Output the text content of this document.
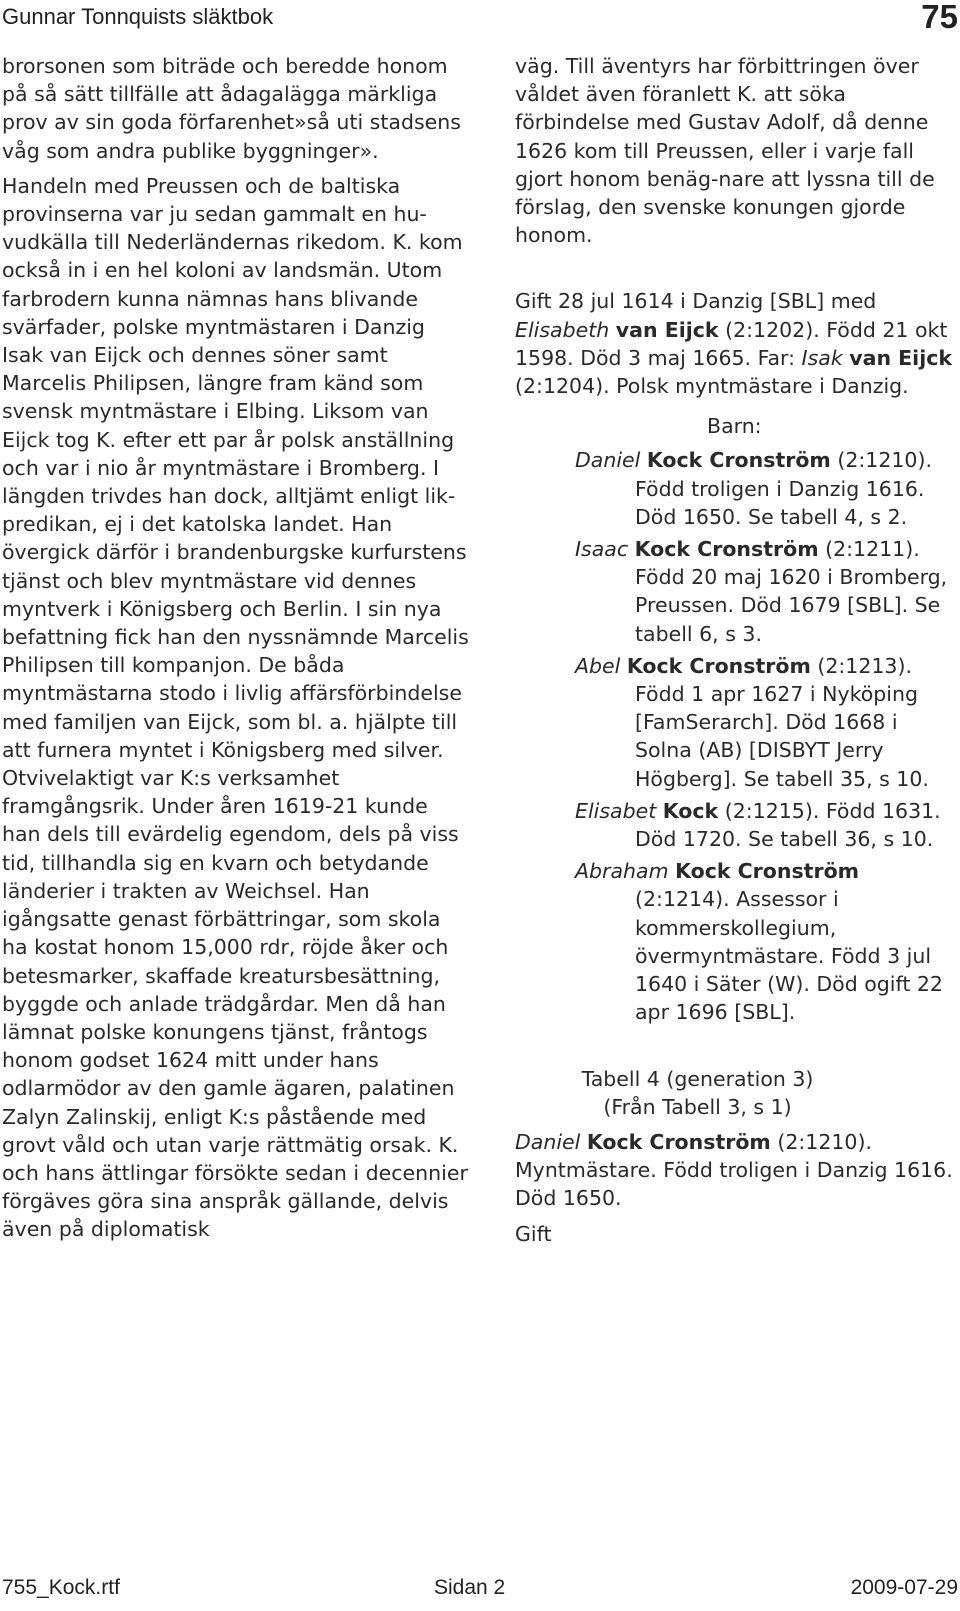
Gunnar Tonnquists släktbok	75

brorsonen som biträde och beredde honom på så sätt tillfälle att ådagalägga märkliga prov av sin goda förfarenhet»så uti stadsens våg som andra publike byggninger».

Handeln med Preussen och de baltiska provinserna var ju sedan gammalt en hu-vudkälla till Nederländernas rikedom. K. kom också in i en hel koloni av landsmän. Utom farbrodern kunna nämnas hans blivande svärfader, polske myntmästaren i Danzig Isak van Eijck och dennes söner samt Marcelis Philipsen, längre fram känd som svensk myntmästare i Elbing. Liksom van Eijck tog K. efter ett par år polsk anställning och var i nio år myntmästare i Bromberg. I längden trivdes han dock, alltjämt enligt lik-predikan, ej i det katolska landet. Han övergick därför i brandenburgske kurfurstens tjänst och blev myntmästare vid dennes myntverk i Königsberg och Berlin. I sin nya befattning fick han den nyssnämnde Marcelis Philipsen till kompanjon. De båda myntmästarna stodo i livlig affärsförbindelse med familjen van Eijck, som bl. a. hjälpte till att furnera myntet i Königsberg med silver. Otvivelaktigt var K:s verksamhet framgångsrik. Under åren 1619-21 kunde han dels till evärdelig egendom, dels på viss tid, tillhandla sig en kvarn och betydande länderier i trakten av Weichsel. Han igångsatte genast förbättringar, som skola ha kostat honom 15,000 rdr, röjde åker och betesmarker, skaffade kreatursbesättning, byggde och anlade trädgårdar. Men då han lämnat polske konungens tjänst, fråntogs honom godset 1624 mitt under hans odlarmödor av den gamle ägaren, palatinen Zalyn Zalinskij, enligt K:s påstående med grovt våld och utan varje rättmätig orsak. K. och hans ättlingar försökte sedan i decennier förgäves göra sina anspråk gällande, delvis även på diplomatisk

väg. Till äventyrs har förbittringen över våldet även föranlett K. att söka förbindelse med Gustav Adolf, då denne 1626 kom till Preussen, eller i varje fall gjort honom benäg-nare att lyssna till de förslag, den svenske konungen gjorde honom.

Gift 28 jul 1614 i Danzig [SBL] med Elisabeth van Eijck (2:1202). Född 21 okt 1598. Död 3 maj 1665. Far: Isak van Eijck (2:1204). Polsk myntmästare i Danzig.

Barn:

Daniel Kock Cronström (2:1210). Född troligen i Danzig 1616. Död 1650. Se tabell 4, s 2.

Isaac Kock Cronström (2:1211). Född 20 maj 1620 i Bromberg, Preussen. Död 1679 [SBL]. Se tabell 6, s 3.

Abel Kock Cronström (2:1213). Född 1 apr 1627 i Nyköping [FamSerarch]. Död 1668 i Solna (AB) [DISBYT Jerry Högberg]. Se tabell 35, s 10.

Elisabet Kock (2:1215). Född 1631. Död 1720. Se tabell 36, s 10.

Abraham Kock Cronström (2:1214). Assessor i kommerskollegium, övermyntmästare. Född 3 jul 1640 i Säter (W). Död ogift 22 apr 1696 [SBL].

Tabell 4 (generation 3)

(Från Tabell 3, s 1)

Daniel Kock Cronström (2:1210). Myntmästare. Född troligen i Danzig 1616. Död 1650.

Gift

755_Kock.rtf	Sidan 2	2009-07-29
